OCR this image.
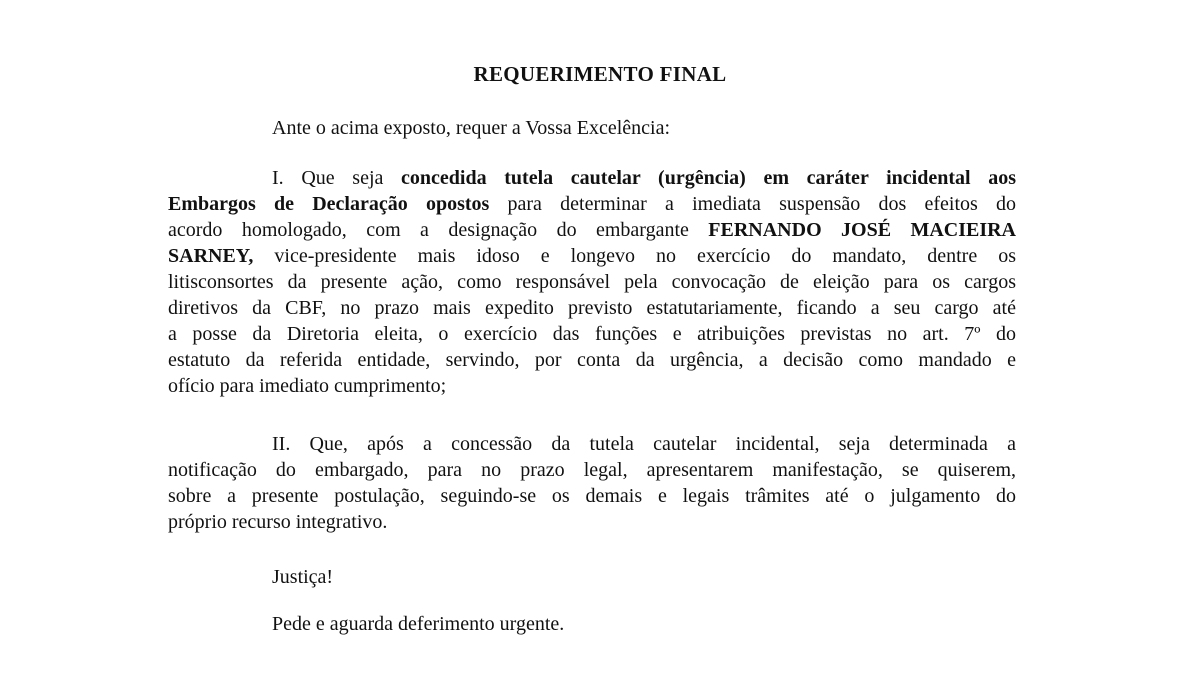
REQUERIMENTO FINAL
Ante o acima exposto, requer a Vossa Excelência:
I. Que seja concedida tutela cautelar (urgência) em caráter incidental aos
Embargos de Declaração opostos para determinar a imediata suspensão dos efeitos do
acordo homologado, com a designação do embargante FERNANDO JOSÉ MACIEIRA
SARNEY, vice-presidente mais idoso e longevo no exercício do mandato, dentre os
litisconsortes da presente ação, como responsável pela convocação de eleição para os cargos
diretivos da CBF, no prazo mais expedito previsto estatutariamente, ficando a seu cargo até
a posse da Diretoria eleita, o exercício das funções e atribuições previstas no art. 7º do
estatuto da referida entidade, servindo, por conta da urgência, a decisão como mandado e
ofício para imediato cumprimento;
II. Que, após a concessão da tutela cautelar incidental, seja determinada a
notificação do embargado, para no prazo legal, apresentarem manifestação, se quiserem,
sobre a presente postulação, seguindo-se os demais e legais trâmites até o julgamento do
próprio recurso integrativo.
Justiça!
Pede e aguarda deferimento urgente.
